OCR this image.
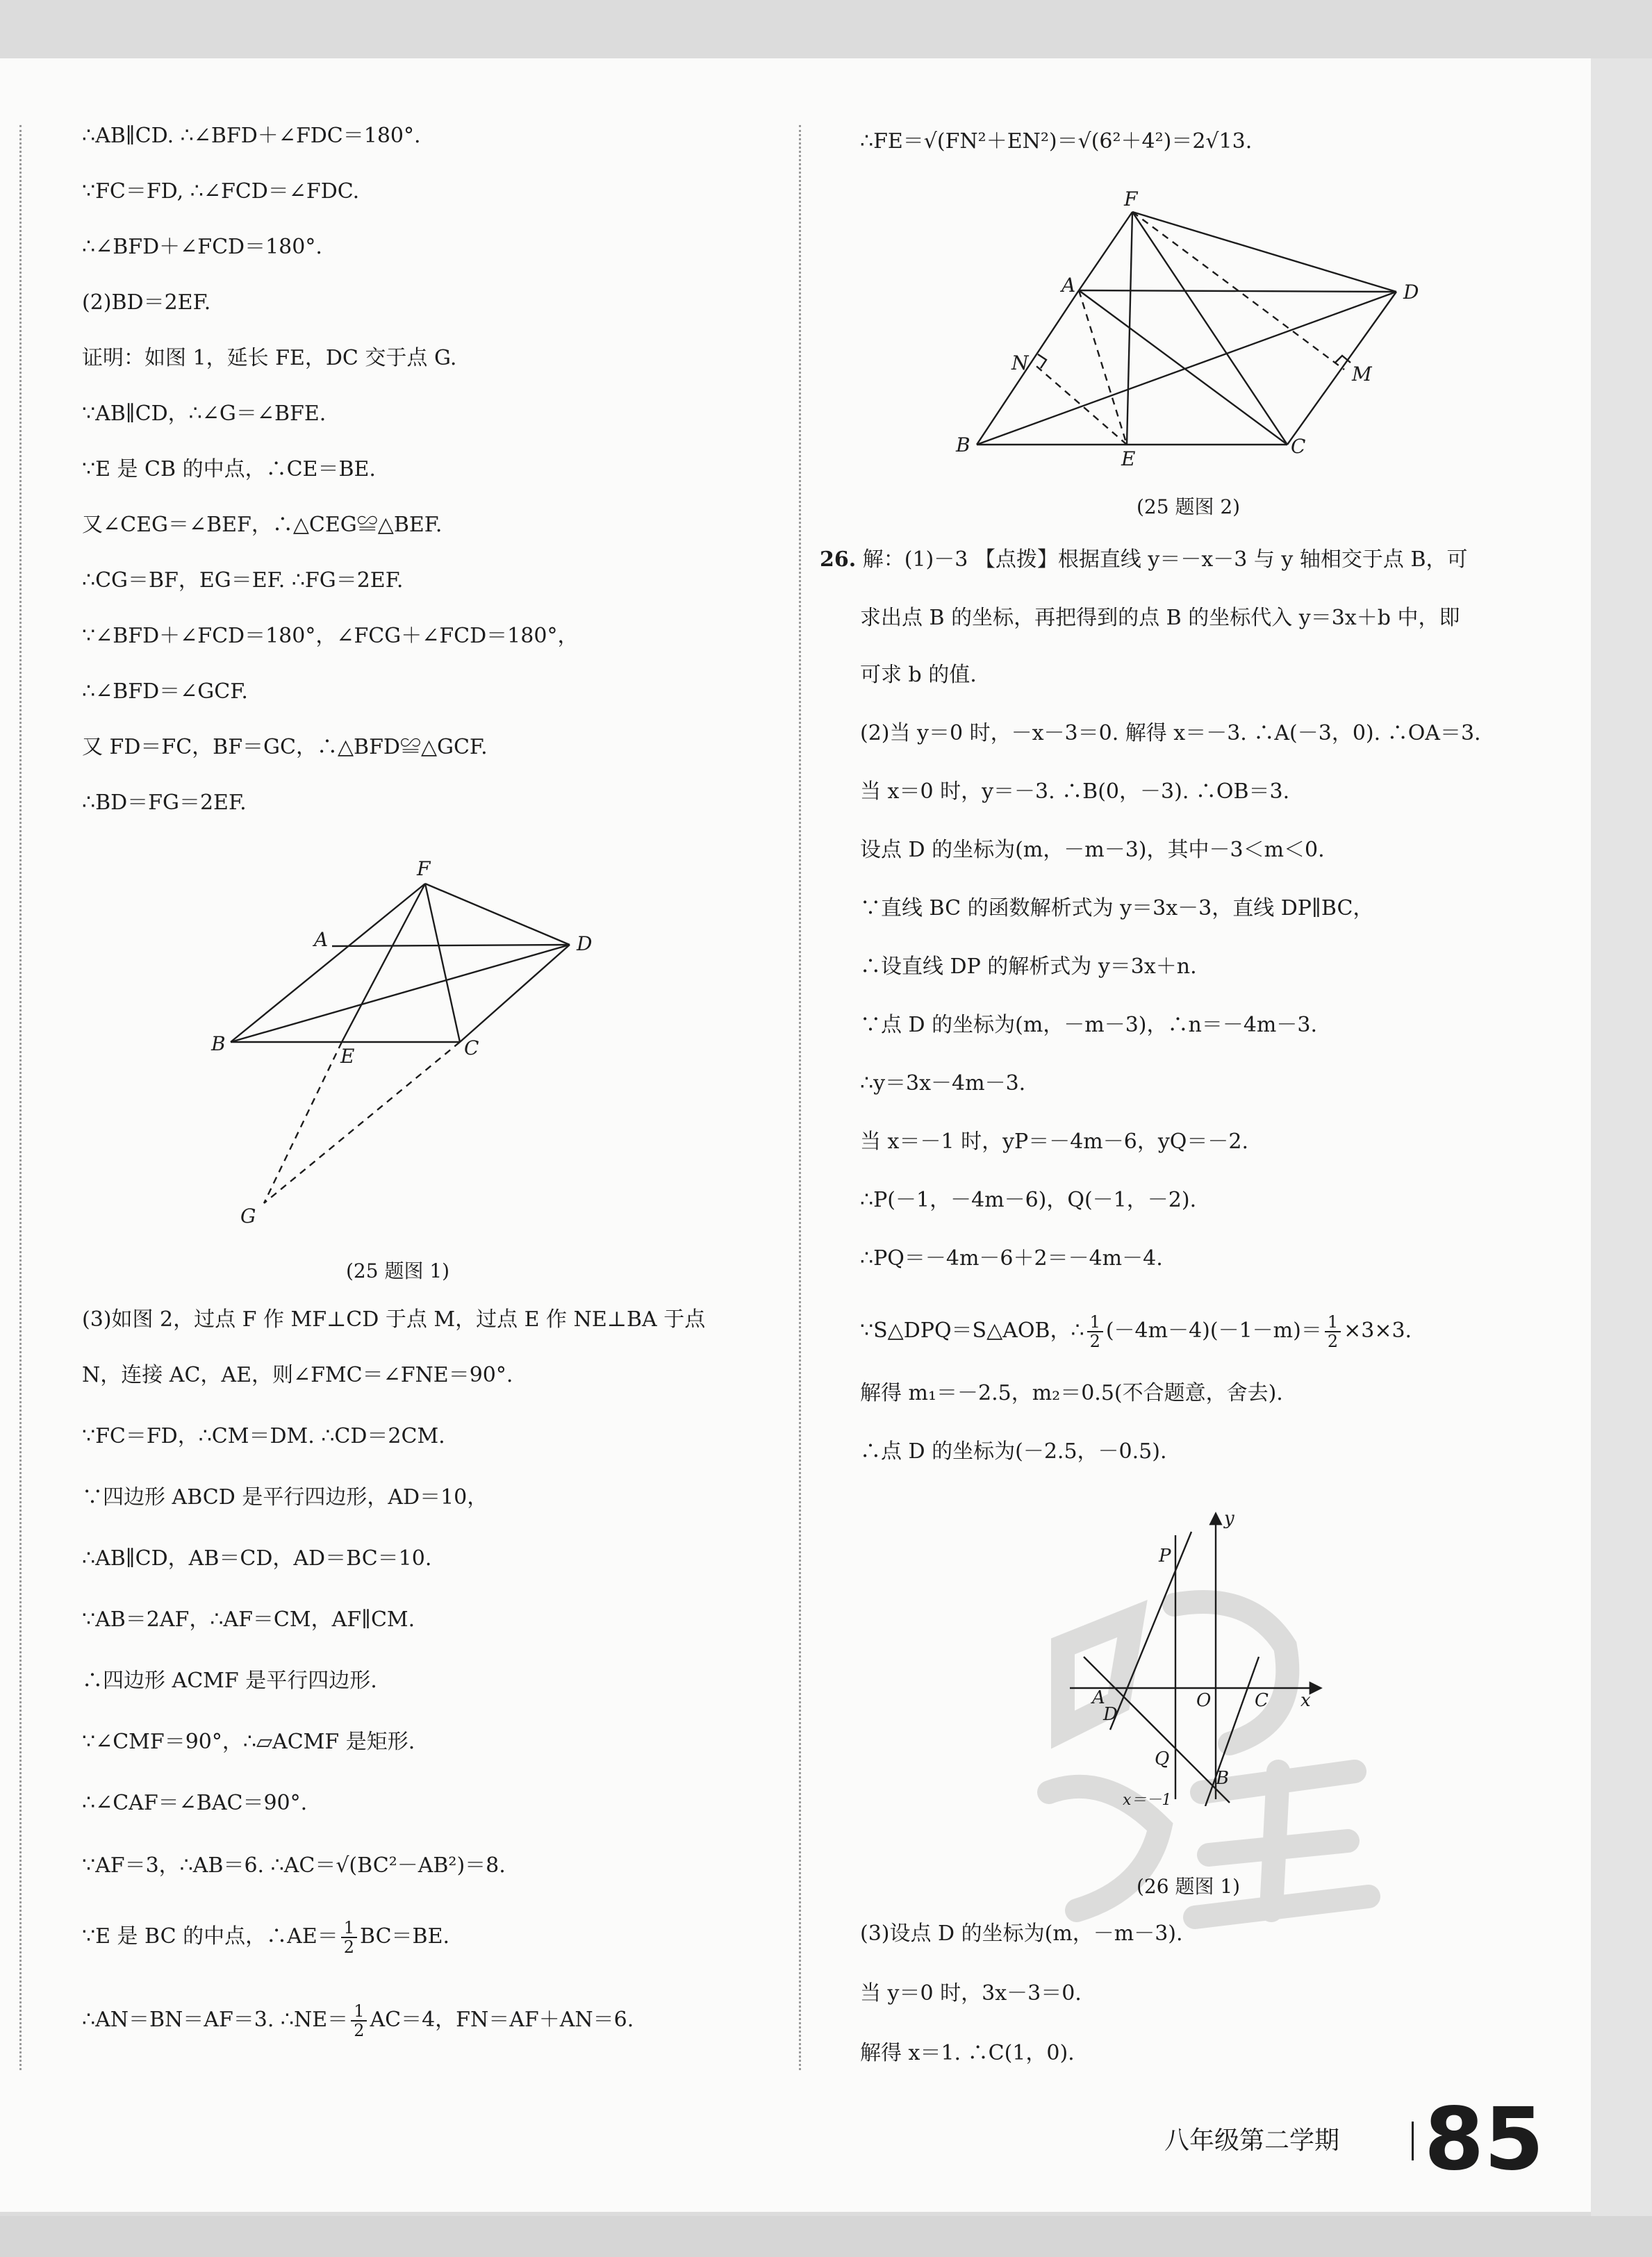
∴AB∥CD. ∴∠BFD＋∠FDC＝180°.
∵FC＝FD, ∴∠FCD＝∠FDC.
∴∠BFD＋∠FCD＝180°.
(2)BD＝2EF.
证明：如图 1，延长 FE，DC 交于点 G.
∵AB∥CD，∴∠G＝∠BFE.
∵E 是 CB 的中点，∴CE＝BE.
又∠CEG＝∠BEF，∴△CEG≌△BEF.
∴CG＝BF，EG＝EF. ∴FG＝2EF.
∵∠BFD＋∠FCD＝180°，∠FCG＋∠FCD＝180°，
∴∠BFD＝∠GCF.
又 FD＝FC，BF＝GC，∴△BFD≌△GCF.
∴BD＝FG＝2EF.
(3)如图 2，过点 F 作 MF⊥CD 于点 M，过点 E 作 NE⊥BA 于点
N，连接 AC，AE，则∠FMC＝∠FNE＝90°.
∵FC＝FD，∴CM＝DM. ∴CD＝2CM.
∵四边形 ABCD 是平行四边形，AD＝10，
∴AB∥CD，AB＝CD，AD＝BC＝10.
∵AB＝2AF，∴AF＝CM，AF∥CM.
∴四边形 ACMF 是平行四边形.
∵∠CMF＝90°，∴▱ACMF 是矩形.
∴∠CAF＝∠BAC＝90°.
∵AF＝3，∴AB＝6. ∴AC＝√(BC²－AB²)＝8.
∵E 是 BC 的中点，∴AE＝ $\frac{1}{2} BC=BE$.
∴AN＝BN＝AF＝3. ∴NE＝ $\frac{1}{2} AC=4$，FN＝AF＋AN＝6.
F
A	D
B
E	C
G
(25 题图 1)
∴FE＝√(FN²＋EN²)＝√(6²＋4²)＝2√13.
26. 解：(1)－3 【点拨】根据直线 y＝－x－3 与 y 轴相交于点 B，可
求出点 B 的坐标，再把得到的点 B 的坐标代入 y＝3x＋b 中，即
可求 b 的值.
(2)当 y＝0 时，－x－3＝0. 解得 x＝－3. ∴A(－3，0). ∴OA＝3.
当 x＝0 时，y＝－3. ∴B(0，－3). ∴OB＝3.
设点 D 的坐标为(m，－m－3)，其中－3＜m＜0.
∵直线 BC 的函数解析式为 y＝3x－3，直线 DP∥BC，
∴设直线 DP 的解析式为 y＝3x＋n.
∵点 D 的坐标为(m，－m－3)，∴n＝－4m－3.
∴y＝3x－4m－3.
当 x＝－1 时，yP＝－4m－6，yQ＝－2.
∴P(－1，－4m－6)，Q(－1，－2).
∴PQ＝－4m－6＋2＝－4m－4.
∵S△DPQ＝S△AOB，∴ $\frac{1}{2} (-4m-4)(-1-m)= \frac{1}{2} \times 3\times 3$.
解得 m₁＝－2.5，m₂＝0.5(不合题意，舍去).
∴点 D 的坐标为(－2.5，－0.5).
(3)设点 D 的坐标为(m，－m－3).
当 y＝0 时，3x－3＝0.
解得 x＝1. ∴C(1，0).
F
A	D
N	M
B
E
C
(25 题图 2)
y
P
A
D
O C x
Q
B
x＝－1
(26 题图 1)
八年级第二学期 85
